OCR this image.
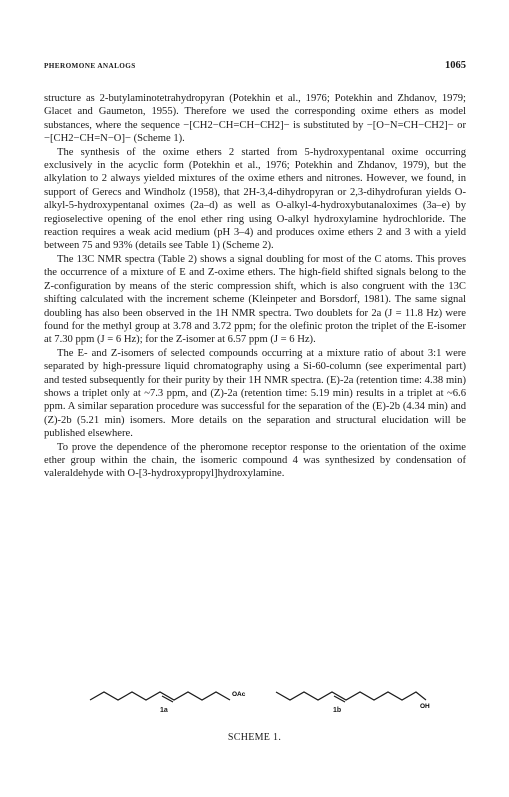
PHEROMONE ANALOGS	1065

structure as 2-butylaminotetrahydropyran (Potekhin et al., 1976; Potekhin and Zhdanov, 1979; Glacet and Gaumeton, 1955). Therefore we used the corresponding oxime ethers as model substances, where the sequence −[CH2−CH=CH−CH2]− is substituted by −[O−N=CH−CH2]− or −[CH2−CH=N−O]− (Scheme 1).

The synthesis of the oxime ethers 2 started from 5-hydroxypentanal oxime occurring exclusively in the acyclic form (Potekhin et al., 1976; Potekhin and Zhdanov, 1979), but the alkylation to 2 always yielded mixtures of the oxime ethers and nitrones. However, we found, in support of Gerecs and Windholz (1958), that 2H-3,4-dihydropyran or 2,3-dihydrofuran yields O-alkyl-5-hydroxypentanal oximes (2a–d) as well as O-alkyl-4-hydroxybutanaloximes (3a–e) by regioselective opening of the enol ether ring using O-alkyl hydroxylamine hydrochloride. The reaction requires a weak acid medium (pH 3–4) and produces oxime ethers 2 and 3 with a yield between 75 and 93% (details see Table 1) (Scheme 2).

The 13C NMR spectra (Table 2) shows a signal doubling for most of the C atoms. This proves the occurrence of a mixture of E and Z-oxime ethers. The high-field shifted signals belong to the Z-configuration by means of the steric compression shift, which is also congruent with the 13C shifting calculated with the increment scheme (Kleinpeter and Borsdorf, 1981). The same signal doubling has also been observed in the 1H NMR spectra. Two doublets for 2a (J = 11.8 Hz) were found for the methyl group at 3.78 and 3.72 ppm; for the olefinic proton the triplet of the E-isomer at 7.30 ppm (J = 6 Hz); for the Z-isomer at 6.57 ppm (J = 6 Hz).

The E- and Z-isomers of selected compounds occurring at a mixture ratio of about 3:1 were separated by high-pressure liquid chromatography using a Si-60-column (see experimental part) and tested subsequently for their purity by their 1H NMR spectra. (E)-2a (retention time: 4.38 min) shows a triplet only at ~7.3 ppm, and (Z)-2a (retention time: 5.19 min) results in a triplet at ~6.6 ppm. A similar separation procedure was successful for the separation of the (E)-2b (4.34 min) and (Z)-2b (5.21 min) isomers. More details on the separation and structural elucidation will be published elsewhere.

To prove the dependence of the pheromone receptor response to the orientation of the oxime ether group within the chain, the isomeric compound 4 was synthesized by condensation of valeraldehyde with O-[3-hydroxypropyl]hydroxylamine.

OAc
OH
1a	1b
SCHEME 1.
